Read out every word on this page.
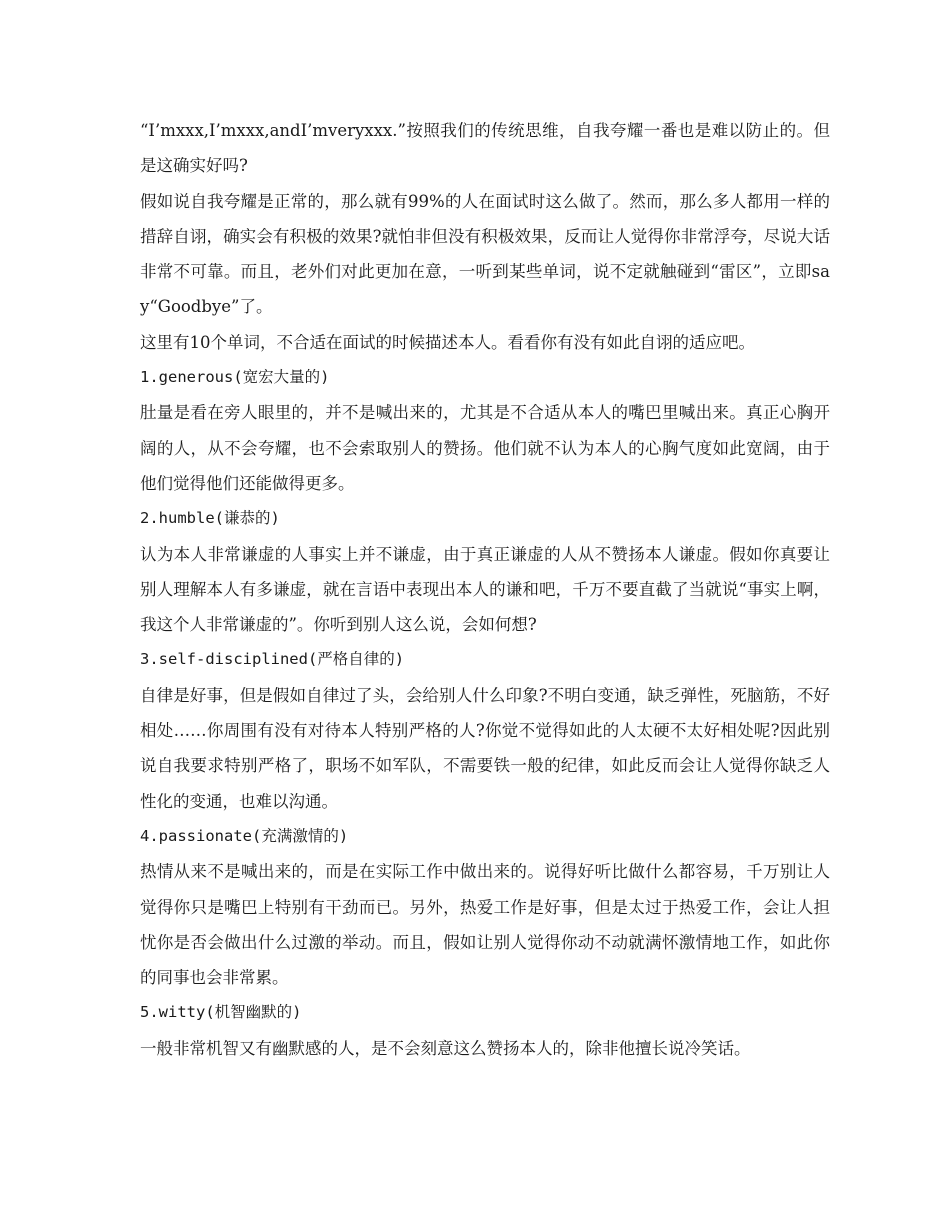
“I’mxxx,I’mxxx,andI’mveryxxx.”按照我们的传统思维，自我夸耀一番也是难以防止的。但是这确实好吗?

假如说自我夸耀是正常的，那么就有99%的人在面试时这么做了。然而，那么多人都用一样的措辞自诩，确实会有积极的效果?就怕非但没有积极效果，反而让人觉得你非常浮夸，尽说大话非常不可靠。而且，老外们对此更加在意，一听到某些单词，说不定就触碰到“雷区”，立即say“Goodbye”了。

这里有10个单词，不合适在面试的时候描述本人。看看你有没有如此自诩的适应吧。

1.generous(宽宏大量的)

肚量是看在旁人眼里的，并不是喊出来的，尤其是不合适从本人的嘴巴里喊出来。真正心胸开阔的人，从不会夸耀，也不会索取别人的赞扬。他们就不认为本人的心胸气度如此宽阔，由于他们觉得他们还能做得更多。

2.humble(谦恭的)

认为本人非常谦虚的人事实上并不谦虚，由于真正谦虚的人从不赞扬本人谦虚。假如你真要让别人理解本人有多谦虚，就在言语中表现出本人的谦和吧，千万不要直截了当就说“事实上啊，我这个人非常谦虚的”。你听到别人这么说，会如何想?

3.self-disciplined(严格自律的)

自律是好事，但是假如自律过了头，会给别人什么印象?不明白变通，缺乏弹性，死脑筋，不好相处……你周围有没有对待本人特别严格的人?你觉不觉得如此的人太硬不太好相处呢?因此别说自我要求特别严格了，职场不如军队，不需要铁一般的纪律，如此反而会让人觉得你缺乏人性化的变通，也难以沟通。

4.passionate(充满激情的)

热情从来不是喊出来的，而是在实际工作中做出来的。说得好听比做什么都容易，千万别让人觉得你只是嘴巴上特别有干劲而已。另外，热爱工作是好事，但是太过于热爱工作，会让人担忧你是否会做出什么过激的举动。而且，假如让别人觉得你动不动就满怀激情地工作，如此你的同事也会非常累。

5.witty(机智幽默的)

一般非常机智又有幽默感的人，是不会刻意这么赞扬本人的，除非他擅长说冷笑话。
